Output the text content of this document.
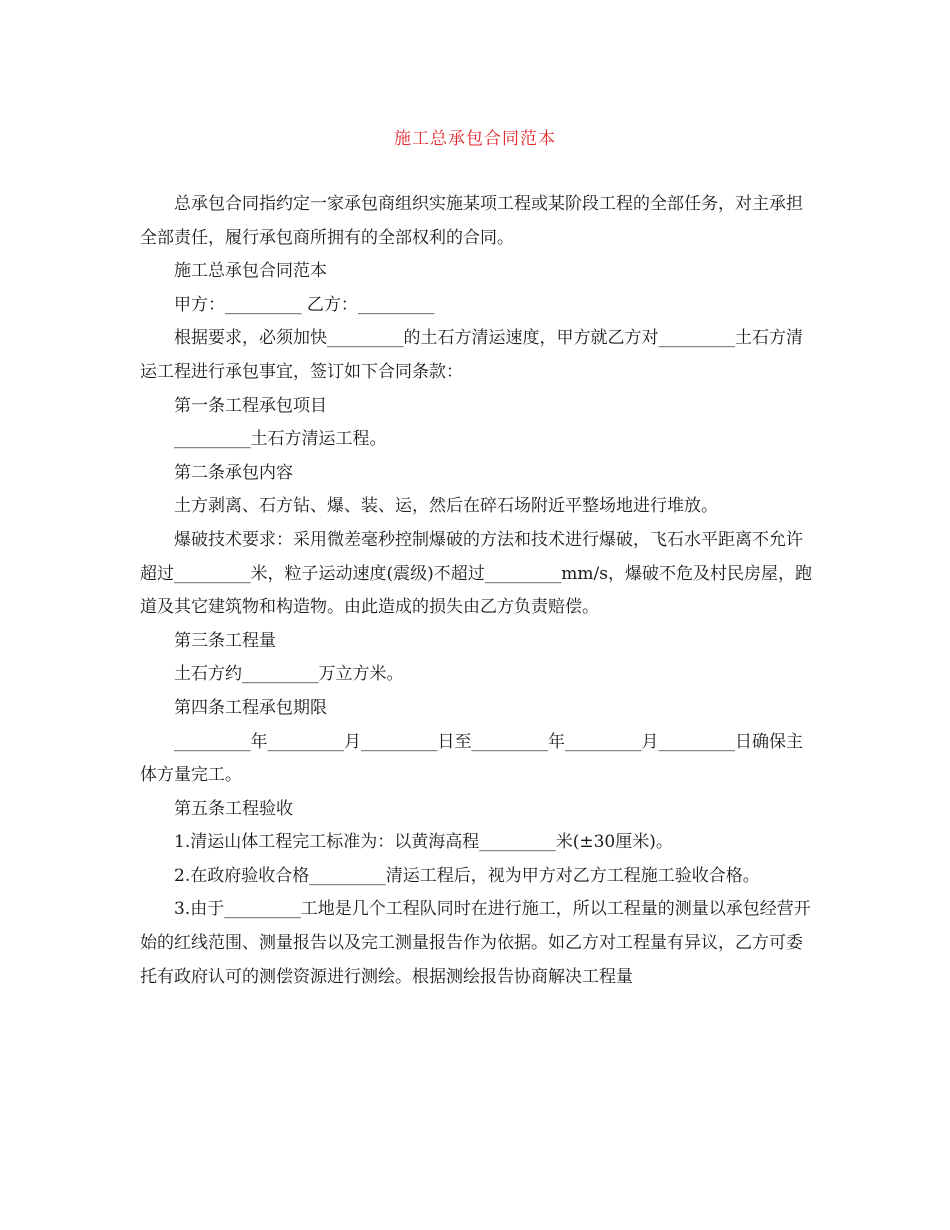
施工总承包合同范本

总承包合同指约定一家承包商组织实施某项工程或某阶段工程的全部任务，对主承担全部责任，履行承包商所拥有的全部权利的合同。

施工总承包合同范本

甲方：_________ 乙方：_________

根据要求，必须加快_________的土石方清运速度，甲方就乙方对_________土石方清运工程进行承包事宜，签订如下合同条款：

第一条工程承包项目

_________土石方清运工程。

第二条承包内容

土方剥离、石方钻、爆、装、运，然后在碎石场附近平整场地进行堆放。

爆破技术要求：采用微差毫秒控制爆破的方法和技术进行爆破，飞石水平距离不允许超过_________米，粒子运动速度(震级)不超过_________mm/s，爆破不危及村民房屋，跑道及其它建筑物和构造物。由此造成的损失由乙方负责赔偿。

第三条工程量

土石方约_________万立方米。

第四条工程承包期限

_________年_________月_________日至_________年_________月_________日确保主体方量完工。

第五条工程验收

1.清运山体工程完工标准为：以黄海高程_________米(±30厘米)。

2.在政府验收合格_________清运工程后，视为甲方对乙方工程施工验收合格。

3.由于_________工地是几个工程队同时在进行施工，所以工程量的测量以承包经营开始的红线范围、测量报告以及完工测量报告作为依据。如乙方对工程量有异议，乙方可委托有政府认可的测偿资源进行测绘。根据测绘报告协商解决工程量
